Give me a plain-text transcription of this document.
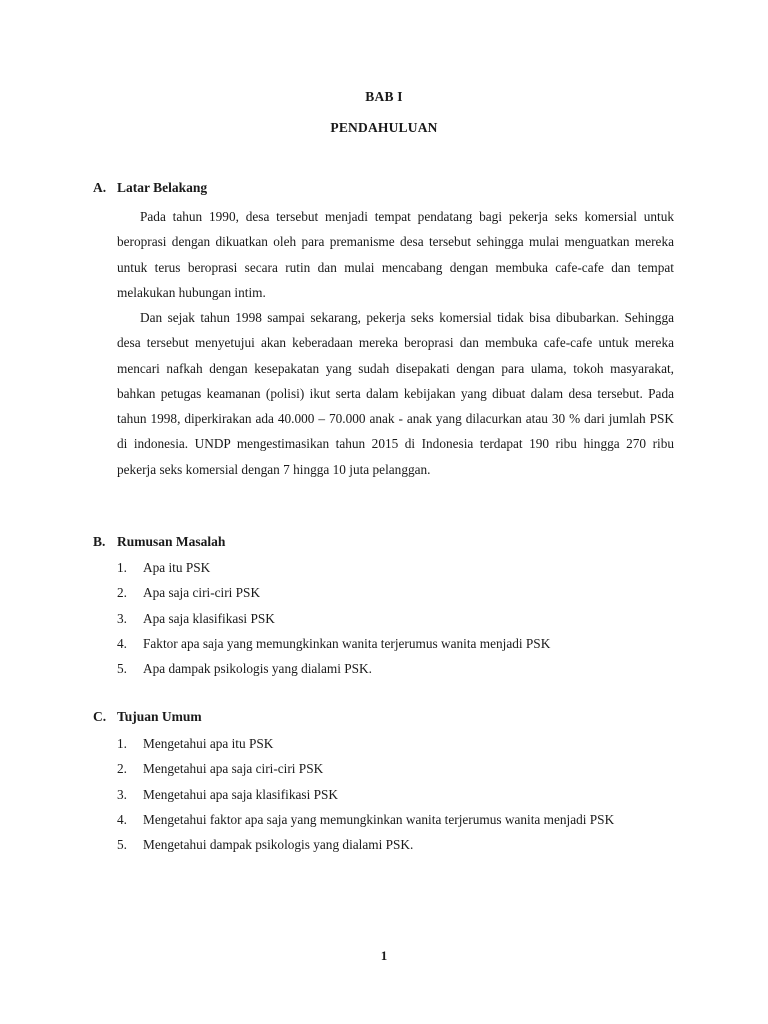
BAB I
PENDAHULUAN
A. Latar Belakang

Pada tahun 1990, desa tersebut menjadi tempat pendatang bagi pekerja seks komersial untuk beroprasi dengan dikuatkan oleh para premanisme desa tersebut sehingga mulai menguatkan mereka untuk terus beroprasi secara rutin dan mulai mencabang dengan membuka cafe-cafe dan tempat melakukan hubungan intim.

Dan sejak tahun 1998 sampai sekarang, pekerja seks komersial tidak bisa dibubarkan. Sehingga desa tersebut menyetujui akan keberadaan mereka beroprasi dan membuka cafe-cafe untuk mereka mencari nafkah dengan kesepakatan yang sudah disepakati dengan para ulama, tokoh masyarakat, bahkan petugas keamanan (polisi) ikut serta dalam kebijakan yang dibuat dalam desa tersebut. Pada tahun 1998, diperkirakan ada 40.000 – 70.000 anak - anak yang dilacurkan atau 30 % dari jumlah PSK di indonesia. UNDP mengestimasikan tahun 2015 di Indonesia terdapat 190 ribu hingga 270 ribu pekerja seks komersial dengan 7 hingga 10 juta pelanggan.

B. Rumusan Masalah
1.	Apa itu PSK
2.	Apa saja ciri-ciri PSK
3.	Apa saja klasifikasi PSK
4.	Faktor apa saja yang memungkinkan wanita terjerumus wanita menjadi PSK
5.	Apa dampak psikologis yang dialami PSK.
C. Tujuan Umum
1.	Mengetahui apa itu PSK
2.	Mengetahui apa saja ciri-ciri PSK
3.	Mengetahui apa saja klasifikasi PSK
4.	Mengetahui faktor apa saja yang memungkinkan wanita terjerumus wanita menjadi PSK
5.	Mengetahui dampak psikologis yang dialami PSK.
1
